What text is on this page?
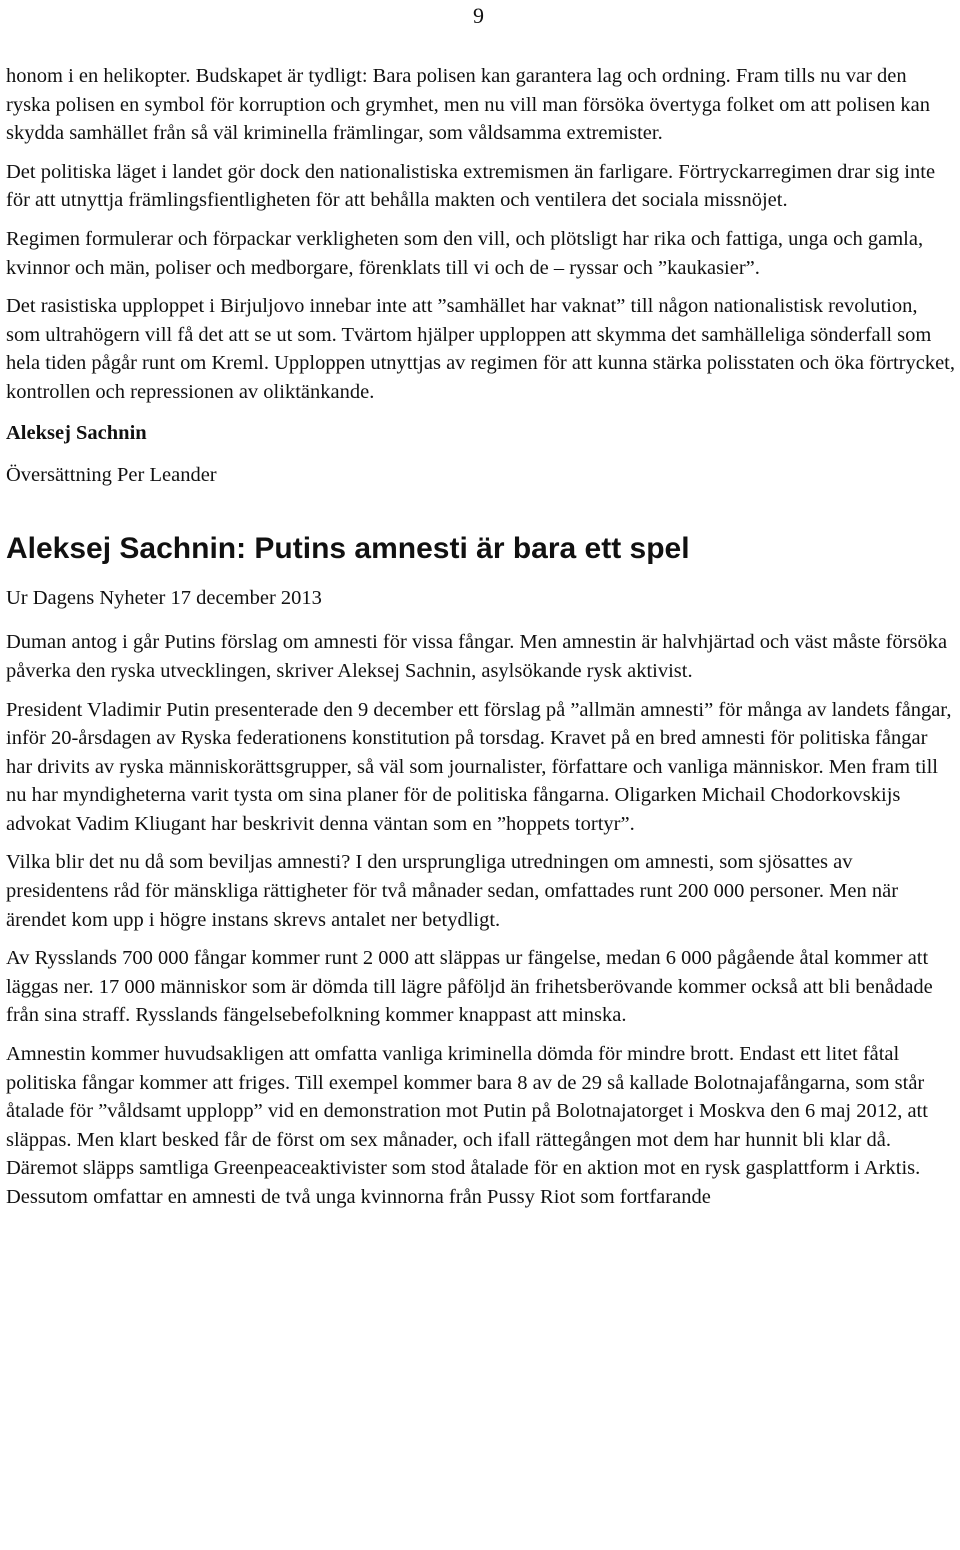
9

honom i en helikopter. Budskapet är tydligt: Bara polisen kan garantera lag och ordning. Fram tills nu var den ryska polisen en symbol för korruption och grymhet, men nu vill man försöka övertyga folket om att polisen kan skydda samhället från så väl kriminella främlingar, som våldsamma extremister.

Det politiska läget i landet gör dock den nationalistiska extremismen än farligare. Förtryckarregimen drar sig inte för att utnyttja främlingsfientligheten för att behålla makten och ventilera det sociala missnöjet.

Regimen formulerar och förpackar verkligheten som den vill, och plötsligt har rika och fattiga, unga och gamla, kvinnor och män, poliser och medborgare, förenklats till vi och de – ryssar och ”kaukasier”.

Det rasistiska upploppet i Birjuljovo innebar inte att ”samhället har vaknat” till någon nationalistisk revolution, som ultrahögern vill få det att se ut som. Tvärtom hjälper upploppen att skymma det samhälleliga sönderfall som hela tiden pågår runt om Kreml. Upploppen utnyttjas av regimen för att kunna stärka polisstaten och öka förtrycket, kontrollen och repressionen av oliktänkande.

Aleksej Sachnin

Översättning Per Leander

Aleksej Sachnin: Putins amnesti är bara ett spel

Ur Dagens Nyheter 17 december 2013

Duman antog i går Putins förslag om amnesti för vissa fångar. Men amnestin är halvhjärtad och väst måste försöka påverka den ryska utvecklingen, skriver Aleksej Sachnin, asylsökande rysk aktivist.

President Vladimir Putin presenterade den 9 december ett förslag på ”allmän amnesti” för många av landets fångar, inför 20-årsdagen av Ryska federationens konstitution på torsdag. Kravet på en bred amnesti för politiska fångar har drivits av ryska människorättsgrupper, så väl som journalister, författare och vanliga människor. Men fram till nu har myndigheterna varit tysta om sina planer för de politiska fångarna. Oligarken Michail Chodorkovskijs advokat Vadim Kliugant har beskrivit denna väntan som en ”hoppets tortyr”.

Vilka blir det nu då som beviljas amnesti? I den ursprungliga utredningen om amnesti, som sjösattes av presidentens råd för mänskliga rättigheter för två månader sedan, omfattades runt 200 000 personer. Men när ärendet kom upp i högre instans skrevs antalet ner betydligt.

Av Rysslands 700 000 fångar kommer runt 2 000 att släppas ur fängelse, medan 6 000 pågående åtal kommer att läggas ner. 17 000 människor som är dömda till lägre påföljd än frihetsberövande kommer också att bli benådade från sina straff. Rysslands fängelsebefolkning kommer knappast att minska.

Amnestin kommer huvudsakligen att omfatta vanliga kriminella dömda för mindre brott. Endast ett litet fåtal politiska fångar kommer att friges. Till exempel kommer bara 8 av de 29 så kallade Bolotnajafångarna, som står åtalade för ”våldsamt upplopp” vid en demonstration mot Putin på Bolotnajatorget i Moskva den 6 maj 2012, att släppas. Men klart besked får de först om sex månader, och ifall rättegången mot dem har hunnit bli klar då. Däremot släpps samtliga Greenpeaceaktivister som stod åtalade för en aktion mot en rysk gasplattform i Arktis. Dessutom omfattar en amnesti de två unga kvinnorna från Pussy Riot som fortfarande
